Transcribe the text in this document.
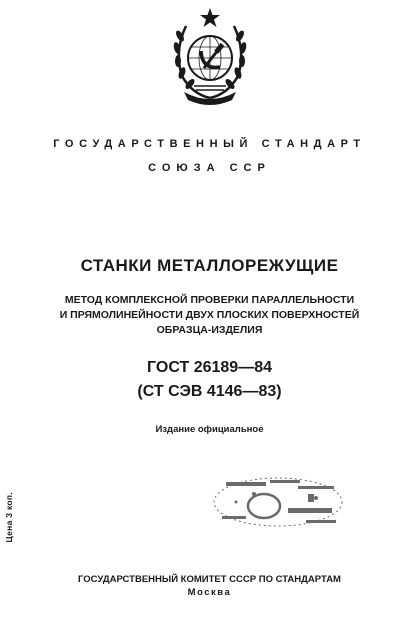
ГОСУДАРСТВЕННЫЙ СТАНДАРТ
СОЮЗА ССР
СТАНКИ МЕТАЛЛОРЕЖУЩИЕ
МЕТОД КОМПЛЕКСНОЙ ПРОВЕРКИ ПАРАЛЛЕЛЬНОСТИ
И ПРЯМОЛИНЕЙНОСТИ ДВУХ ПЛОСКИХ ПОВЕРХНОСТЕЙ
ОБРАЗЦА-ИЗДЕЛИЯ
ГОСТ 26189—84
(СТ СЭВ 4146—83)
Издание официальное
Цена 3 коп.
ГОСУДАРСТВЕННЫЙ КОМИТЕТ СССР ПО СТАНДАРТАМ
Москва
